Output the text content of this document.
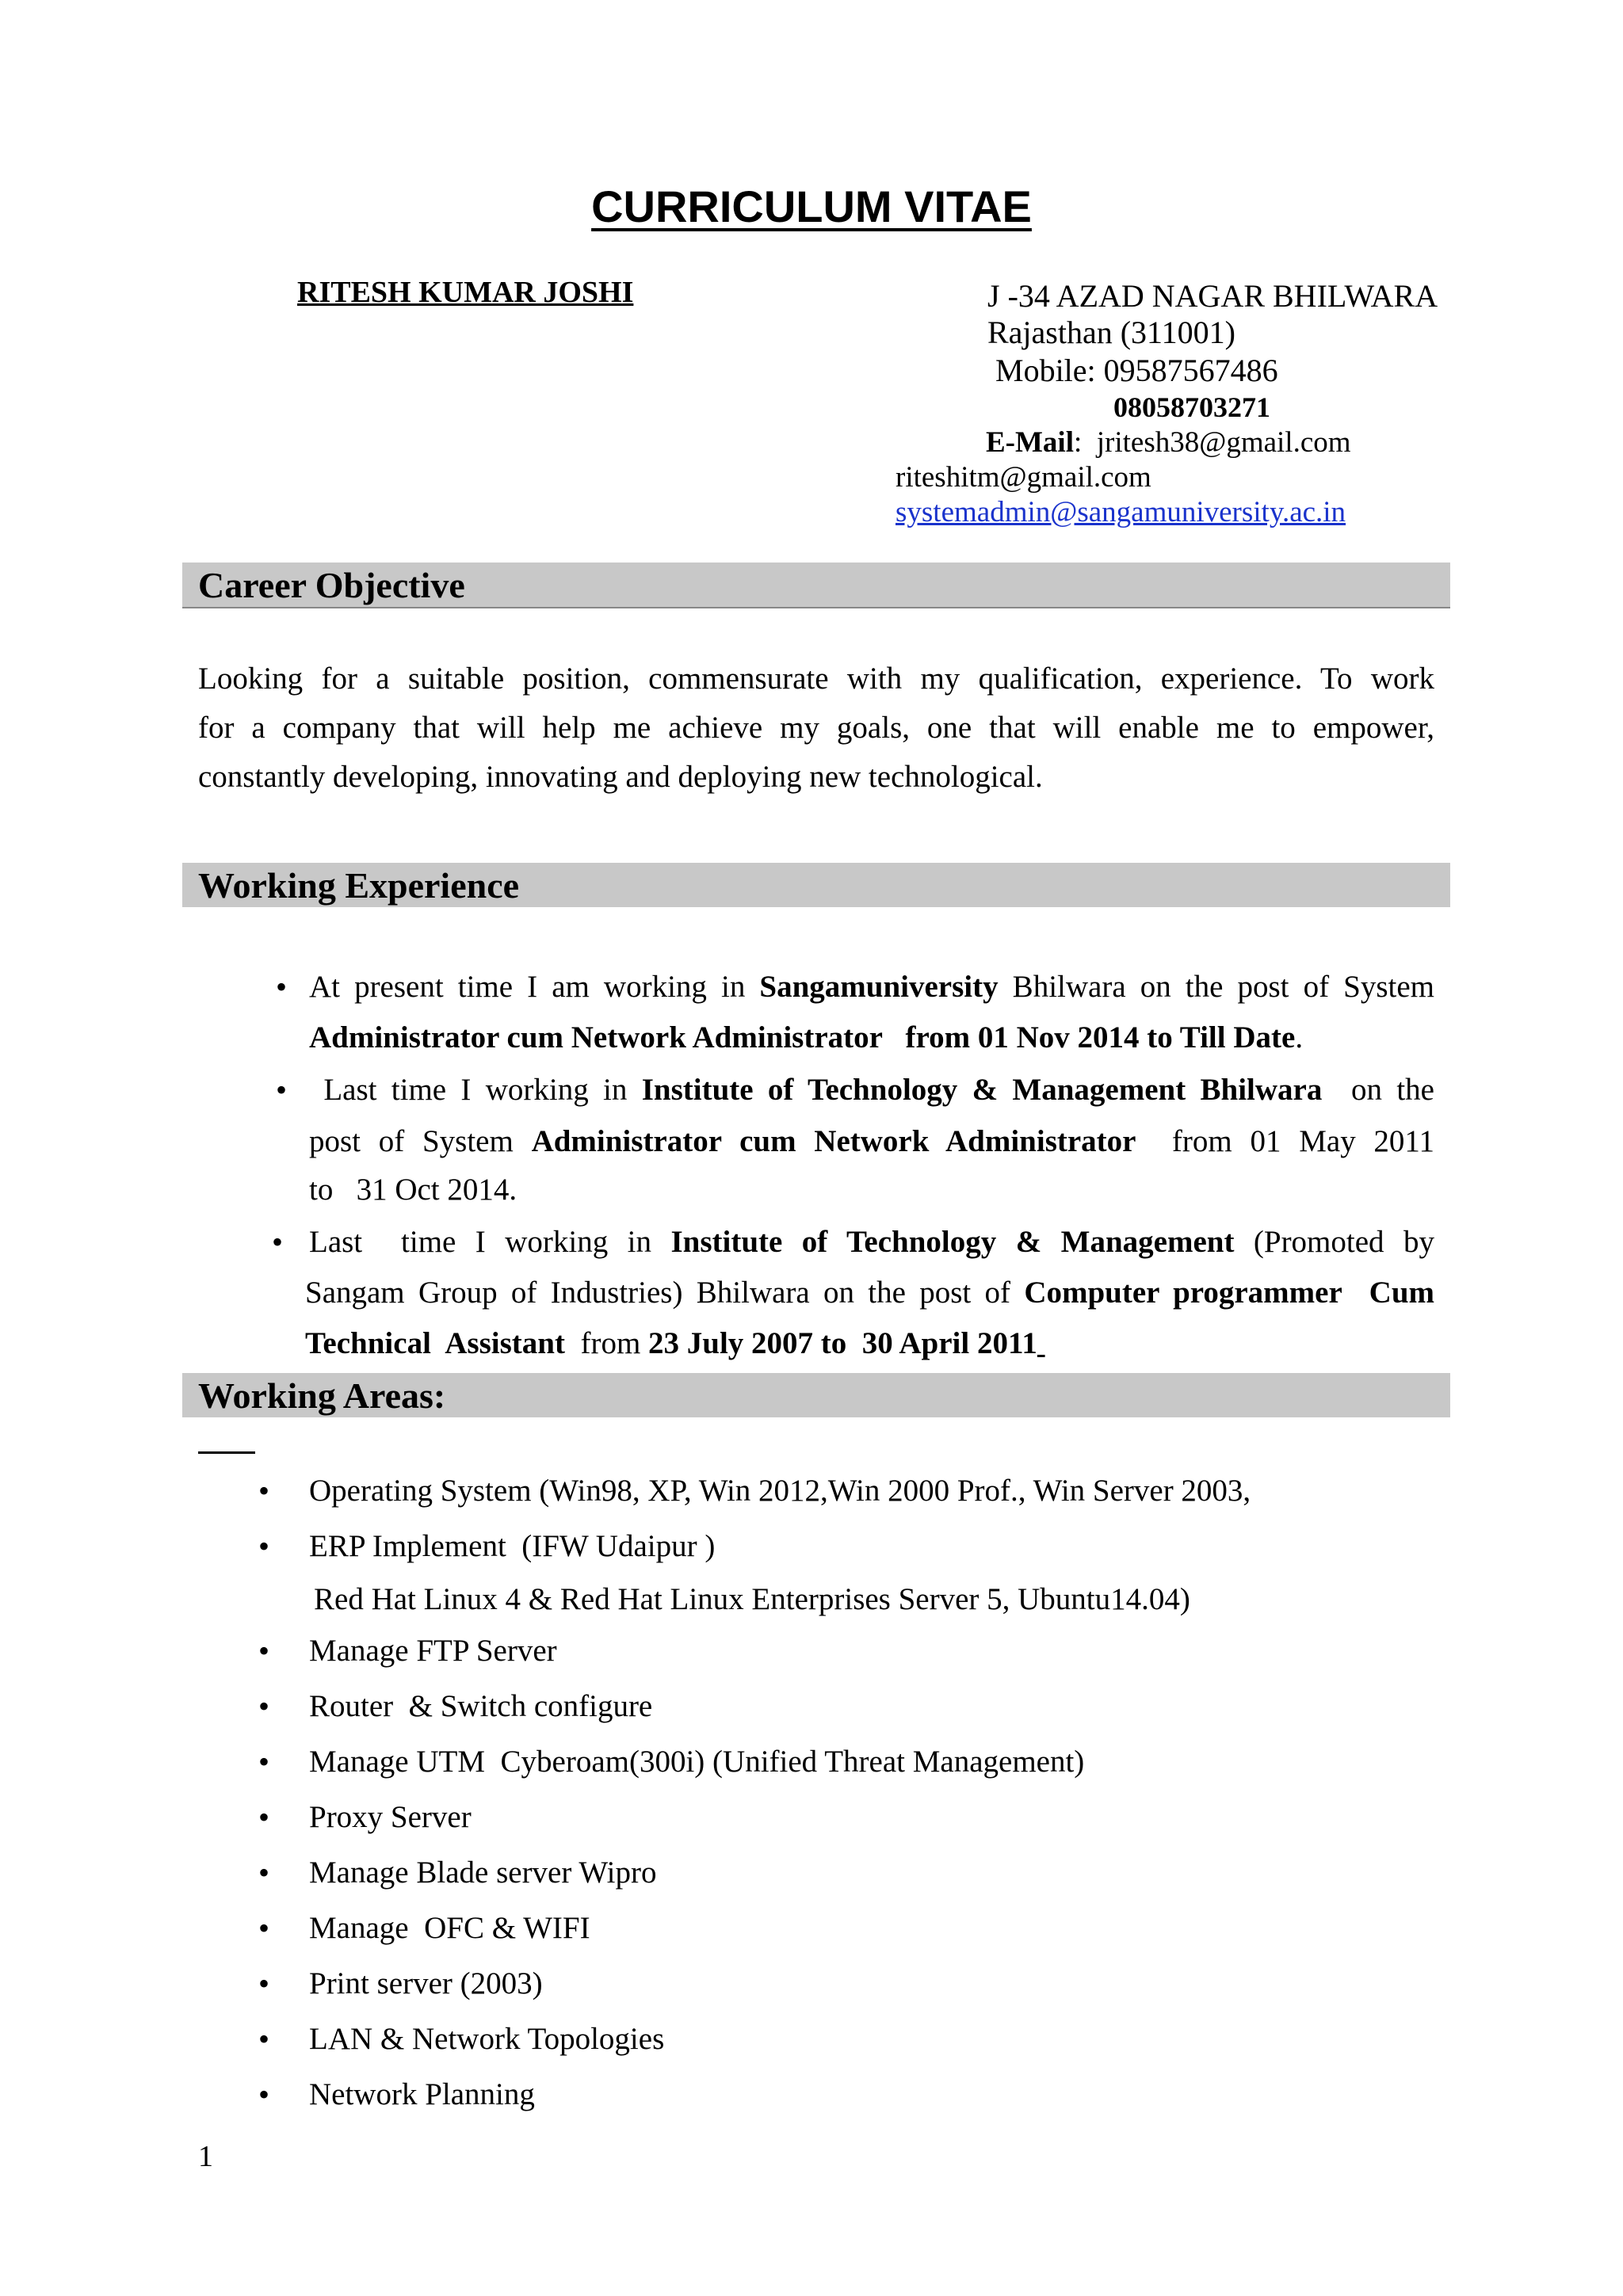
CURRICULUM VITAE
RITESH KUMAR JOSHI	J -34 AZAD NAGAR BHILWARA
Rajasthan (311001)
Mobile: 09587567486
08058703271
E-Mail: jritesh38@gmail.com
riteshitm@gmail.com
systemadmin@sangamuniversity.ac.in
Career Objective
Looking for a suitable position, commensurate with my qualification, experience. To work
for a company that will help me achieve my goals, one that will enable me to empower,
constantly developing, innovating and deploying new technological.
Working Experience
• At present time I am working in Sangamuniversity Bhilwara on the post of System
Administrator cum Network Administrator   from 01 Nov 2014 to Till Date.
• Last time I working in Institute of Technology & Management Bhilwara  on the
post of System Administrator cum Network Administrator  from 01 May 2011
to   31 Oct 2014.
• Last  time I working in Institute of Technology & Management (Promoted by
Sangam Group of Industries) Bhilwara on the post of Computer programmer  Cum
Technical  Assistant  from 23 July 2007 to  30 April 2011
Working Areas:
• Operating System (Win98, XP, Win 2012,Win 2000 Prof., Win Server 2003,
• ERP Implement  (IFW Udaipur )
Red Hat Linux 4 & Red Hat Linux Enterprises Server 5, Ubuntu14.04)
• Manage FTP Server
• Router  & Switch configure
• Manage UTM  Cyberoam(300i) (Unified Threat Management)
• Proxy Server
• Manage Blade server Wipro
• Manage  OFC & WIFI
• Print server (2003)
• LAN & Network Topologies
• Network Planning
1
